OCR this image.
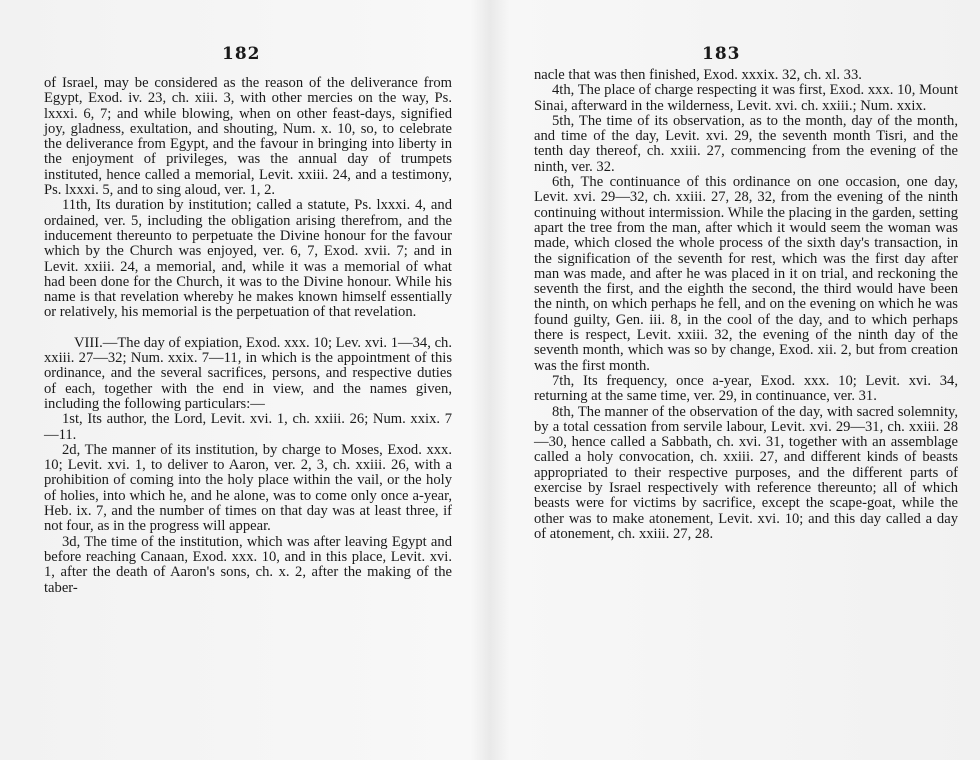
182

of Israel, may be considered as the reason of the deliverance from Egypt, Exod. iv. 23, ch. xiii. 3, with other mercies on the way, Ps. lxxxi. 6, 7; and while blowing, when on other feast-days, signified joy, gladness, exultation, and shouting, Num. x. 10, so, to celebrate the deliverance from Egypt, and the favour in bringing into liberty in the enjoyment of privileges, was the annual day of trumpets instituted, hence called a memorial, Levit. xxiii. 24, and a testimony, Ps. lxxxi. 5, and to sing aloud, ver. 1, 2.

11th, Its duration by institution; called a statute, Ps. lxxxi. 4, and ordained, ver. 5, including the obligation arising therefrom, and the inducement thereunto to perpetuate the Divine honour for the favour which by the Church was enjoyed, ver. 6, 7, Exod. xvii. 7; and in Levit. xxiii. 24, a memorial, and, while it was a memorial of what had been done for the Church, it was to the Divine honour. While his name is that revelation whereby he makes known himself essentially or relatively, his memorial is the perpetuation of that revelation.

VIII.—The day of expiation, Exod. xxx. 10; Lev. xvi. 1—34, ch. xxiii. 27—32; Num. xxix. 7—11, in which is the appointment of this ordinance, and the several sacrifices, persons, and respective duties of each, together with the end in view, and the names given, including the following particulars:—

1st, Its author, the Lord, Levit. xvi. 1, ch. xxiii. 26; Num. xxix. 7—11.

2d, The manner of its institution, by charge to Moses, Exod. xxx. 10; Levit. xvi. 1, to deliver to Aaron, ver. 2, 3, ch. xxiii. 26, with a prohibition of coming into the holy place within the vail, or the holy of holies, into which he, and he alone, was to come only once a-year, Heb. ix. 7, and the number of times on that day was at least three, if not four, as in the progress will appear.

3d, The time of the institution, which was after leaving Egypt and before reaching Canaan, Exod. xxx. 10, and in this place, Levit. xvi. 1, after the death of Aaron's sons, ch. x. 2, after the making of the taber-

183

nacle that was then finished, Exod. xxxix. 32, ch. xl. 33.

4th, The place of charge respecting it was first, Exod. xxx. 10, Mount Sinai, afterward in the wilderness, Levit. xvi. ch. xxiii.; Num. xxix.

5th, The time of its observation, as to the month, day of the month, and time of the day, Levit. xvi. 29, the seventh month Tisri, and the tenth day thereof, ch. xxiii. 27, commencing from the evening of the ninth, ver. 32.

6th, The continuance of this ordinance on one occasion, one day, Levit. xvi. 29—32, ch. xxiii. 27, 28, 32, from the evening of the ninth continuing without intermission. While the placing in the garden, setting apart the tree from the man, after which it would seem the woman was made, which closed the whole process of the sixth day's transaction, in the signification of the seventh for rest, which was the first day after man was made, and after he was placed in it on trial, and reckoning the seventh the first, and the eighth the second, the third would have been the ninth, on which perhaps he fell, and on the evening on which he was found guilty, Gen. iii. 8, in the cool of the day, and to which perhaps there is respect, Levit. xxiii. 32, the evening of the ninth day of the seventh month, which was so by change, Exod. xii. 2, but from creation was the first month.

7th, Its frequency, once a-year, Exod. xxx. 10; Levit. xvi. 34, returning at the same time, ver. 29, in continuance, ver. 31.

8th, The manner of the observation of the day, with sacred solemnity, by a total cessation from servile labour, Levit. xvi. 29—31, ch. xxiii. 28—30, hence called a Sabbath, ch. xvi. 31, together with an assemblage called a holy convocation, ch. xxiii. 27, and different kinds of beasts appropriated to their respective purposes, and the different parts of exercise by Israel respectively with reference thereunto; all of which beasts were for victims by sacrifice, except the scape-goat, while the other was to make atonement, Levit. xvi. 10; and this day called a day of atonement, ch. xxiii. 27, 28.
